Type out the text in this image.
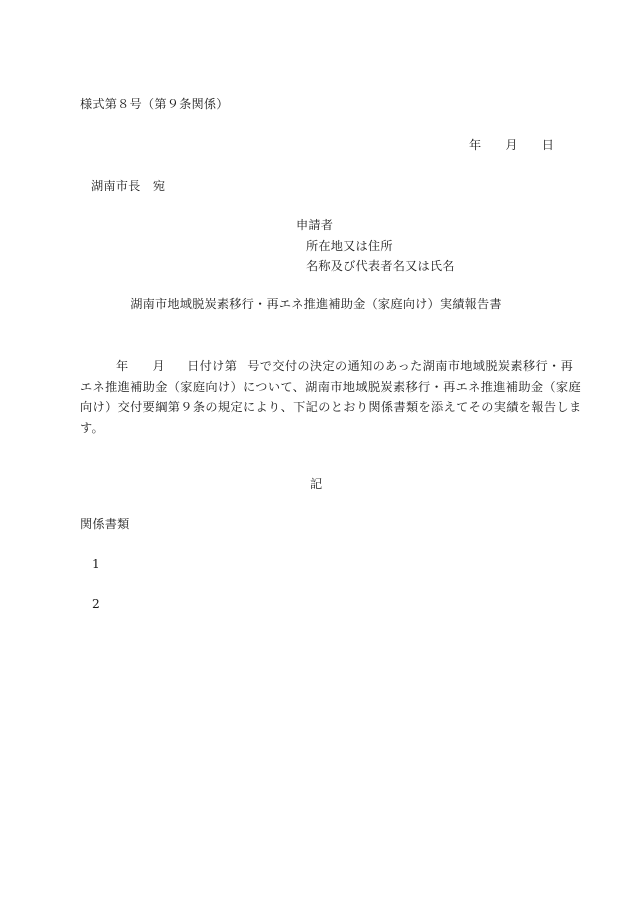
様式第８号（第９条関係）
年 月 日
湖南市長　宛
申請者
所在地又は住所
名称及び代表者名又は氏名
湖南市地域脱炭素移行・再エネ推進補助金（家庭向け）実績報告書
年 月 日付け第 号で交付の決定の通知のあった湖南市地域脱炭素移行・再
エネ推進補助金（家庭向け）について、湖南市地域脱炭素移行・再エネ推進補助金（家庭
向け）交付要綱第９条の規定により、下記のとおり関係書類を添えてその実績を報告しま
す。
記
関係書類
1
2
